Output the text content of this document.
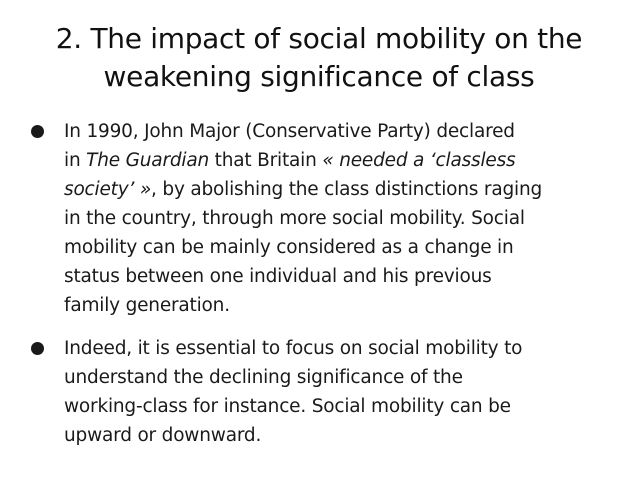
2. The impact of social mobility on the
weakening significance of class
In 1990, John Major (Conservative Party) declared
in The Guardian that Britain « needed a ‘classless
society’ », by abolishing the class distinctions raging
in the country, through more social mobility. Social
mobility can be mainly considered as a change in
status between one individual and his previous
family generation.
Indeed, it is essential to focus on social mobility to
understand the declining significance of the
working-class for instance. Social mobility can be
upward or downward.
